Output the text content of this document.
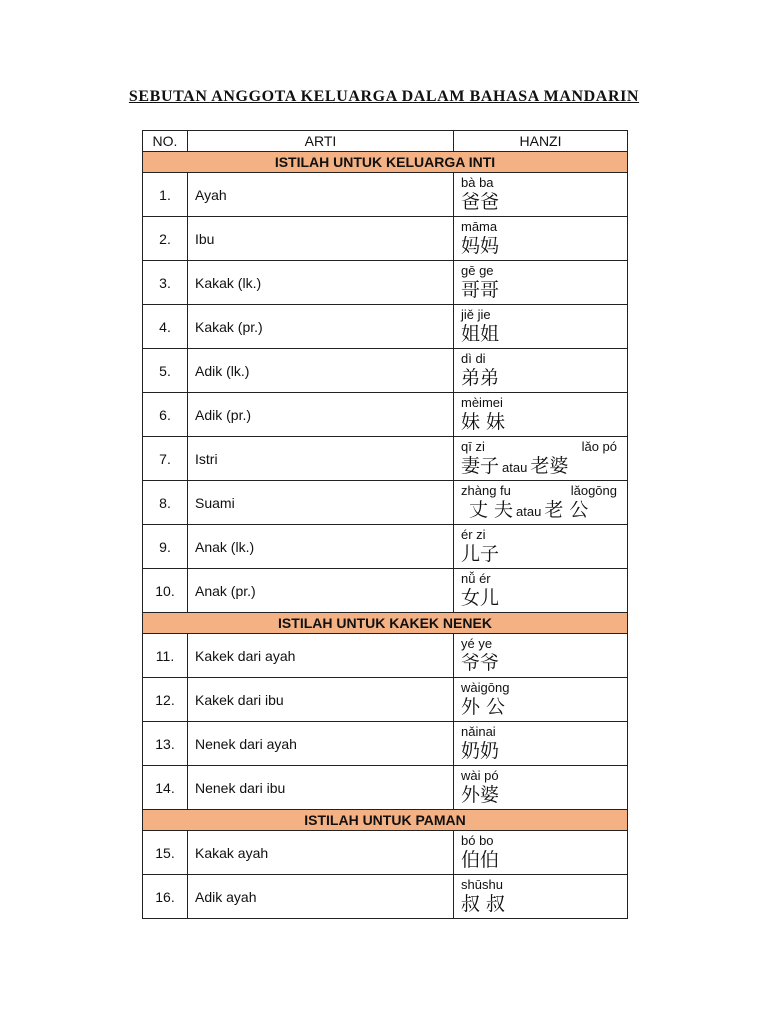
SEBUTAN ANGGOTA KELUARGA DALAM BAHASA MANDARIN
NO.	ARTI	HANZI
ISTILAH UNTUK KELUARGA INTI		
1.	Ayah	bà ba
爸爸

2.	Ibu	māma
妈妈

3.	Kakak (lk.)	gē ge
哥哥

4.	Kakak (pr.)	jiě jie
姐姐

5.	Adik (lk.)	dì di
弟弟

6.	Adik (pr.)	mèimei
妹 妹

7.	Istri	qī zi lǎo pó
妻子 atau 老婆

8.	Suami	zhàng fu lǎogōng
丈 夫 atau 老 公

9.	Anak (lk.)	ér zi
儿子

10.	Anak (pr.)	nǚ ér
女儿

ISTILAH UNTUK KAKEK NENEK		
11.	Kakek dari ayah	yé ye
爷爷

12.	Kakek dari ibu	wàigōng
外 公

13.	Nenek dari ayah	nǎinai
奶奶

14.	Nenek dari ibu	wài pó
外婆

ISTILAH UNTUK PAMAN		
15.	Kakak ayah	bó bo
伯伯

16.	Adik ayah	shūshu
叔 叔
